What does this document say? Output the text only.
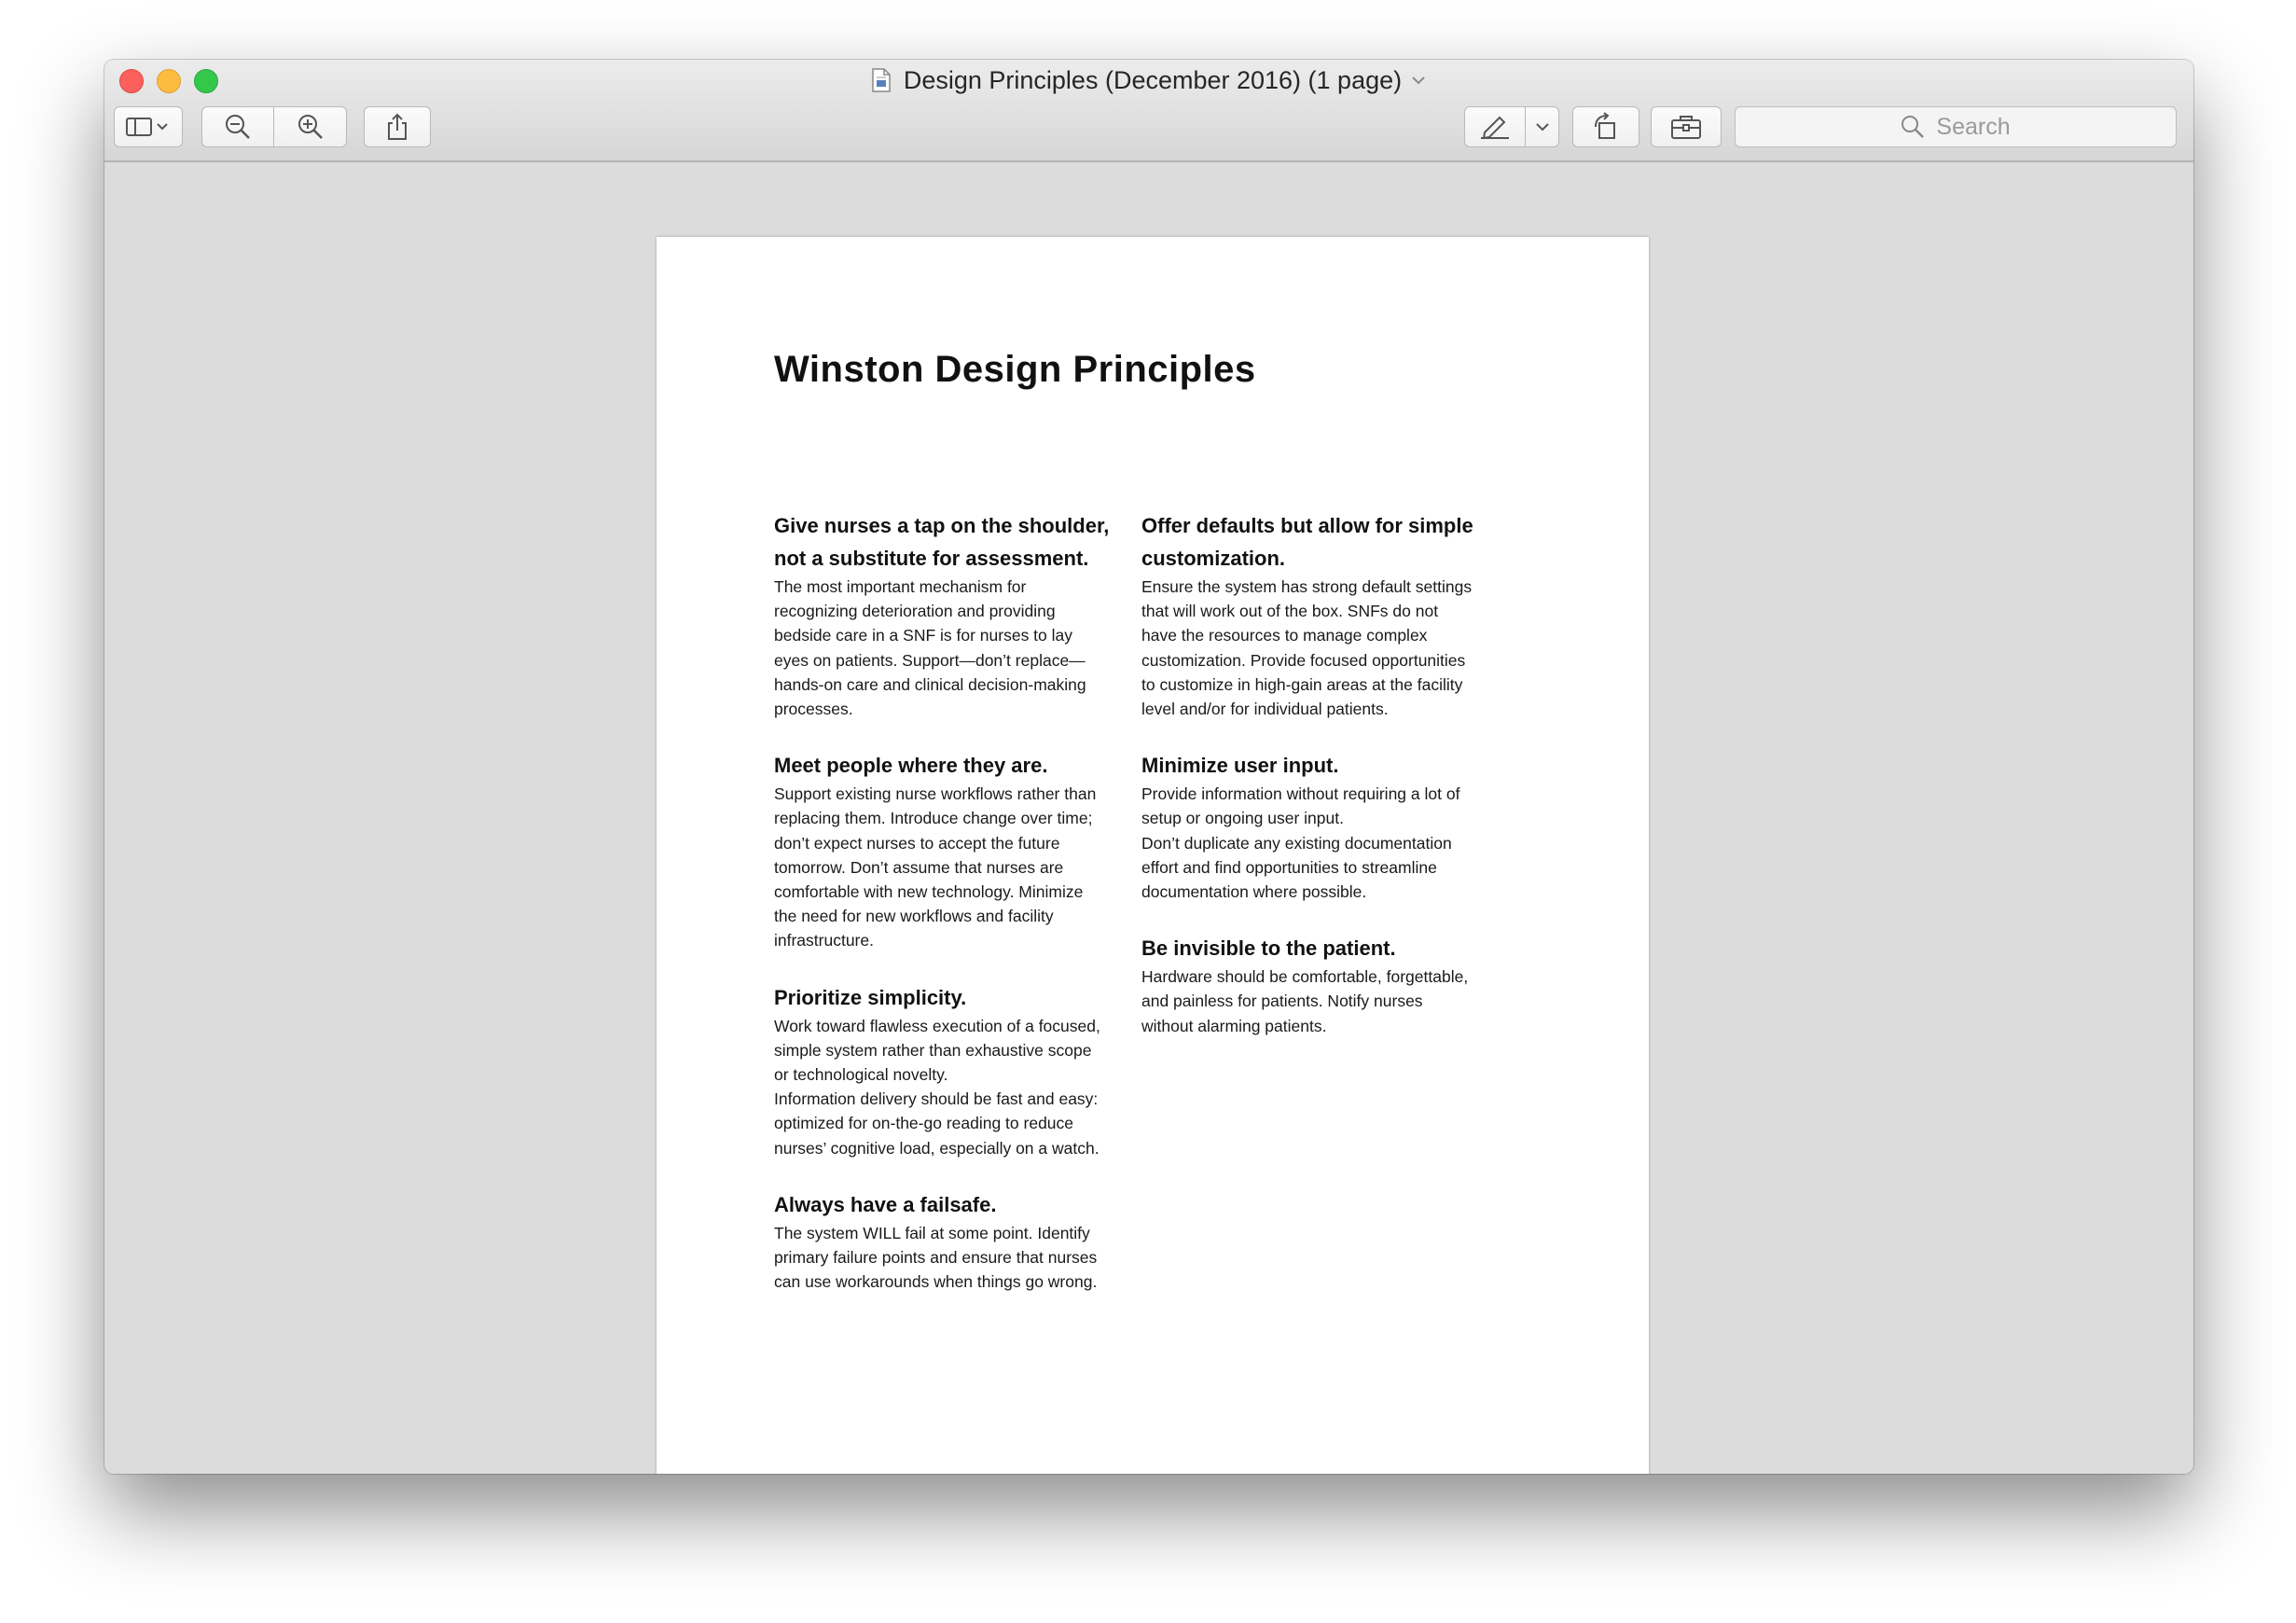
Design Principles (December 2016) (1 page)
Search
Winston Design Principles
Give nurses a tap on the shoulder, not a substitute for assessment.

The most important mechanism for recognizing deterioration and providing bedside care in a SNF is for nurses to lay eyes on patients. Support—don’t replace—hands-on care and clinical decision-making processes.

Meet people where they are.

Support existing nurse workflows rather than replacing them. Introduce change over time; don’t expect nurses to accept the future tomorrow. Don’t assume that nurses are comfortable with new technology. Minimize the need for new workflows and facility infrastructure.

Prioritize simplicity.

Work toward flawless execution of a focused, simple system rather than exhaustive scope or technological novelty.

Information delivery should be fast and easy: optimized for on-the-go reading to reduce nurses’ cognitive load, especially on a watch.

Always have a failsafe.

The system WILL fail at some point. Identify primary failure points and ensure that nurses can use workarounds when things go wrong.

Offer defaults but allow for simple customization.

Ensure the system has strong default settings that will work out of the box. SNFs do not have the resources to manage complex customization. Provide focused opportunities to customize in high-gain areas at the facility level and/or for individual patients.

Minimize user input.

Provide information without requiring a lot of setup or ongoing user input.

Don’t duplicate any existing documentation effort and find opportunities to streamline documentation where possible.

Be invisible to the patient.

Hardware should be comfortable, forgettable, and painless for patients. Notify nurses without alarming patients.
